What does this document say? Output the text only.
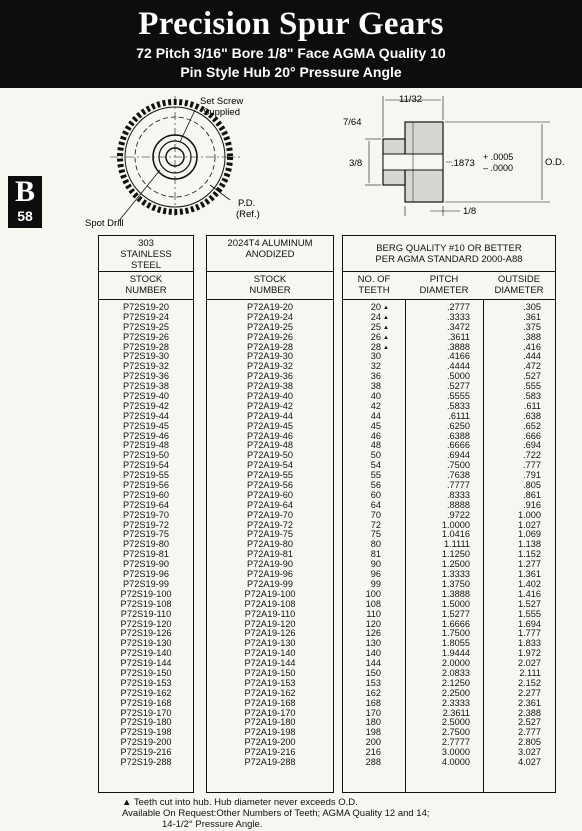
Precision Spur Gears
72 Pitch 3/16" Bore 1/8" Face AGMA Quality 10
Pin Style Hub 20° Pressure Angle
B
58
Set Screw
Supplied
Spot Drill
P.D.
(Ref.)
11/32
7/64
3/8	.1873
+ .0005
– .0000	O.D.
1/8
303 STAINLESS STEEL
STOCK NUMBER
P72S19-20
P72S19-24
P72S19-25
P72S19-26
P72S19-28
P72S19-30
P72S19-32
P72S19-36
P72S19-38
P72S19-40
P72S19-42
P72S19-44
P72S19-45
P72S19-46
P72S19-48
P72S19-50
P72S19-54
P72S19-55
P72S19-56
P72S19-60
P72S19-64
P72S19-70
P72S19-72
P72S19-75
P72S19-80
P72S19-81
P72S19-90
P72S19-96
P72S19-99
P72S19-100
P72S19-108
P72S19-110
P72S19-120
P72S19-126
P72S19-130
P72S19-140
P72S19-144
P72S19-150
P72S19-153
P72S19-162
P72S19-168
P72S19-170
P72S19-180
P72S19-198
P72S19-200
P72S19-216
P72S19-288
2024T4 ALUMINUM ANODIZED
STOCK NUMBER
P72A19-20
P72A19-24
P72A19-25
P72A19-26
P72A19-28
P72A19-30
P72A19-32
P72A19-36
P72A19-38
P72A19-40
P72A19-42
P72A19-44
P72A19-45
P72A19-46
P72A19-48
P72A19-50
P72A19-54
P72A19-55
P72A19-56
P72A19-60
P72A19-64
P72A19-70
P72A19-72
P72A19-75
P72A19-80
P72A19-81
P72A19-90
P72A19-96
P72A19-99
P72A19-100
P72A19-108
P72A19-110
P72A19-120
P72A19-126
P72A19-130
P72A19-140
P72A19-144
P72A19-150
P72A19-153
P72A19-162
P72A19-168
P72A19-170
P72A19-180
P72A19-198
P72A19-200
P72A19-216
P72A19-288
BERG QUALITY #10 OR BETTER
PER AGMA STANDARD 2000-A88
NO. OF TEETH
PITCH DIAMETER
OUTSIDE DIAMETER
20 ▲
24 ▲
25 ▲
26 ▲
28 ▲
30
32
36
38
40
42
44
45
46
48
50
54
55
56
60
64
70
72
75
80
81
90
96
99
100
108
110
120
126
130
140
144
150
153
162
168
170
180
198
200
216
288
.2777
.3333
.3472
.3611
.3888
.4166
.4444
.5000
.5277
.5555
.5833
.6111
.6250
.6388
.6666
.6944
.7500
.7638
.7777
.8333
.8888
.9722
1.0000
1.0416
1.1111
1.1250
1.2500
1.3333
1.3750
1.3888
1.5000
1.5277
1.6666
1.7500
1.8055
1.9444
2.0000
2.0833
2.1250
2.2500
2.3333
2.3611
2.5000
2.7500
2.7777
3.0000
4.0000
.305
.361
.375
.388
.416
.444
.472
.527
.555
.583
.611
.638
.652
.666
.694
.722
.777
.791
.805
.861
.916
1.000
1.027
1.069
1.138
1.152
1.277
1.361
1.402
1.416
1.527
1.555
1.694
1.777
1.833
1.972
2.027
2.111
2.152
2.277
2.361
2.388
2.527
2.777
2.805
3.027
4.027
▲ Teeth cut into hub. Hub diameter never exceeds O.D.
Available On Request:Other Numbers of Teeth; AGMA Quality 12 and 14;
14-1/2° Pressure Angle.
